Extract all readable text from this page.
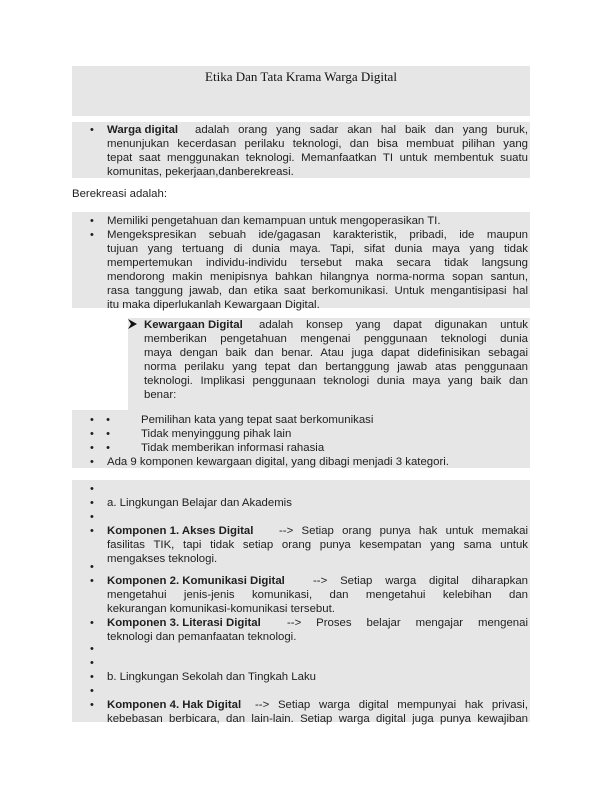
Etika Dan Tata Krama Warga Digital
• Warga digital adalah orang yang sadar akan hal baik dan yang buruk,
menunjukan kecerdasan perilaku teknologi, dan bisa membuat pilihan yang
tepat saat menggunakan teknologi. Memanfaatkan TI untuk membentuk suatu
komunitas, pekerjaan,danberekreasi.
Berekreasi adalah:
• Memiliki pengetahuan dan kemampuan untuk mengoperasikan TI.
• Mengekspresikan sebuah ide/gagasan karakteristik, pribadi, ide maupun
tujuan yang tertuang di dunia maya. Tapi, sifat dunia maya yang tidak
mempertemukan individu-individu tersebut maka secara tidak langsung
mendorong makin menipisnya bahkan hilangnya norma-norma sopan santun,
rasa tanggung jawab, dan etika saat berkomunikasi. Untuk mengantisipasi hal
itu maka diperlukanlah Kewargaan Digital.
Kewargaan Digital adalah konsep yang dapat digunakan untuk
memberikan pengetahuan mengenai penggunaan teknologi dunia
maya dengan baik dan benar. Atau juga dapat didefinisikan sebagai
norma perilaku yang tepat dan bertanggung jawab atas penggunaan
teknologi. Implikasi penggunaan teknologi dunia maya yang baik dan
benar:
•    •	Pemilihan kata yang tepat saat berkomunikasi
•    •	Tidak menyinggung pihak lain
•    •	Tidak memberikan informasi rahasia
• Ada 9 komponen kewargaan digital, yang dibagi menjadi 3 kategori.
•
• a. Lingkungan Belajar dan Akademis
•
• Komponen 1. Akses Digital --> Setiap orang punya hak untuk memakai
fasilitas TIK, tapi tidak setiap orang punya kesempatan yang sama untuk
mengakses teknologi.
•
• Komponen 2. Komunikasi Digital --> Setiap warga digital diharapkan
mengetahui jenis-jenis komunikasi, dan mengetahui kelebihan dan
kekurangan komunikasi-komunikasi tersebut.
• Komponen 3. Literasi Digital --> Proses belajar mengajar mengenai
teknologi dan pemanfaatan teknologi.
•
•
• b. Lingkungan Sekolah dan Tingkah Laku
•
• Komponen 4. Hak Digital --> Setiap warga digital mempunyai hak privasi,
kebebasan berbicara, dan lain-lain. Setiap warga digital juga punya kewajiban
